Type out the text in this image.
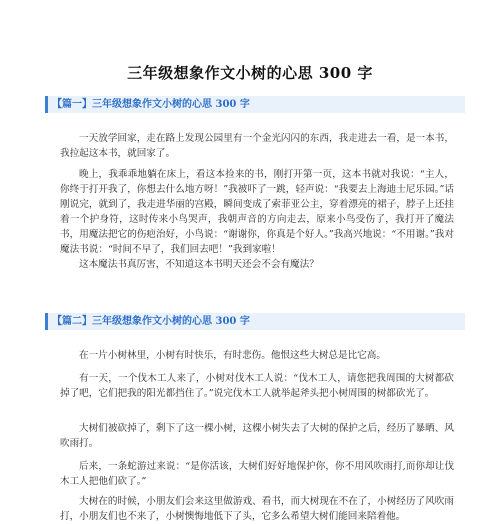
三年级想象作文小树的心思 300 字
【篇一】三年级想象作文小树的心思 300 字

一天放学回家，走在路上发现公园里有一个金光闪闪的东西，我走进去一看，是一本书，我拉起这本书，就回家了。

晚上，我乖乖地躺在床上，看这本捡来的书，刚打开第一页，这本书就对我说：“主人，你终于打开我了，你想去什么地方呀！”我被吓了一跳，轻声说：“我要去上海迪士尼乐园。”话刚说完，就到了，我走进华丽的宫殿，瞬间变成了索菲亚公主，穿着漂亮的裙子，脖子上还挂着一个护身符，这时传来小鸟哭声，我朝声音的方向走去，原来小鸟受伤了，我打开了魔法书，用魔法把它的伤疤治好，小鸟说：“谢谢你，你真是个好人。”我高兴地说：“不用谢。”我对魔法书说：“时间不早了，我们回去吧！”我到家啦！

这本魔法书真厉害，不知道这本书明天还会不会有魔法？

【篇二】三年级想象作文小树的心思 300 字

在一片小树林里，小树有时快乐，有时悲伤。他恨这些大树总是比它高。

有一天，一个伐木工人来了，小树对伐木工人说：“伐木工人，请您把我周围的大树都砍掉了吧，它们把我的阳光都挡住了。”说完伐木工人就举起斧头把小树周围的树都砍光了。

大树们被砍掉了，剩下了这一棵小树，这棵小树失去了大树的保护之后，经历了暴晒、风吹雨打。

后来，一条蛇游过来说：“是你活该，大树们好好地保护你，你不用风吹雨打,而你却让伐木工人把他们砍了。”

大树在的时候，小朋友们会来这里做游戏、看书，而大树现在不在了，小树经历了风吹雨打，小朋友们也不来了，小树懊悔地低下了头，它多么希望大树们能回来陪着他。
